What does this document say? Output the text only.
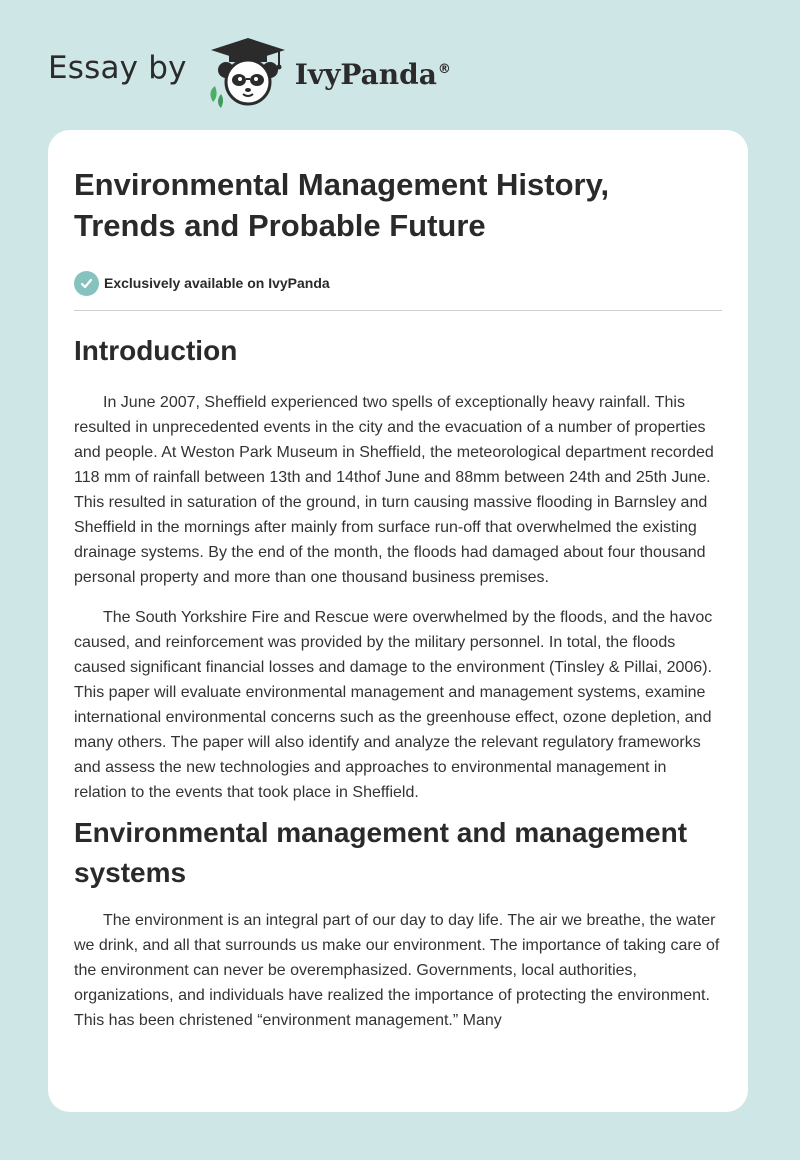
Essay by	IvyPanda®
Environmental Management History, Trends and Probable Future
Exclusively available on IvyPanda
Introduction

In June 2007, Sheffield experienced two spells of exceptionally heavy rainfall. This resulted in unprecedented events in the city and the evacuation of a number of properties and people. At Weston Park Museum in Sheffield, the meteorological department recorded 118 mm of rainfall between 13th and 14thof June and 88mm between 24th and 25th June. This resulted in saturation of the ground, in turn causing massive flooding in Barnsley and Sheffield in the mornings after mainly from surface run-off that overwhelmed the existing drainage systems. By the end of the month, the floods had damaged about four thousand personal property and more than one thousand business premises.

The South Yorkshire Fire and Rescue were overwhelmed by the floods, and the havoc caused, and reinforcement was provided by the military personnel. In total, the floods caused significant financial losses and damage to the environment (Tinsley & Pillai, 2006). This paper will evaluate environmental management and management systems, examine international environmental concerns such as the greenhouse effect, ozone depletion, and many others. The paper will also identify and analyze the relevant regulatory frameworks and assess the new technologies and approaches to environmental management in relation to the events that took place in Sheffield.

Environmental management and management systems

The environment is an integral part of our day to day life. The air we breathe, the water we drink, and all that surrounds us make our environment. The importance of taking care of the environment can never be overemphasized. Governments, local authorities, organizations, and individuals have realized the importance of protecting the environment. This has been christened “environment management.” Many
